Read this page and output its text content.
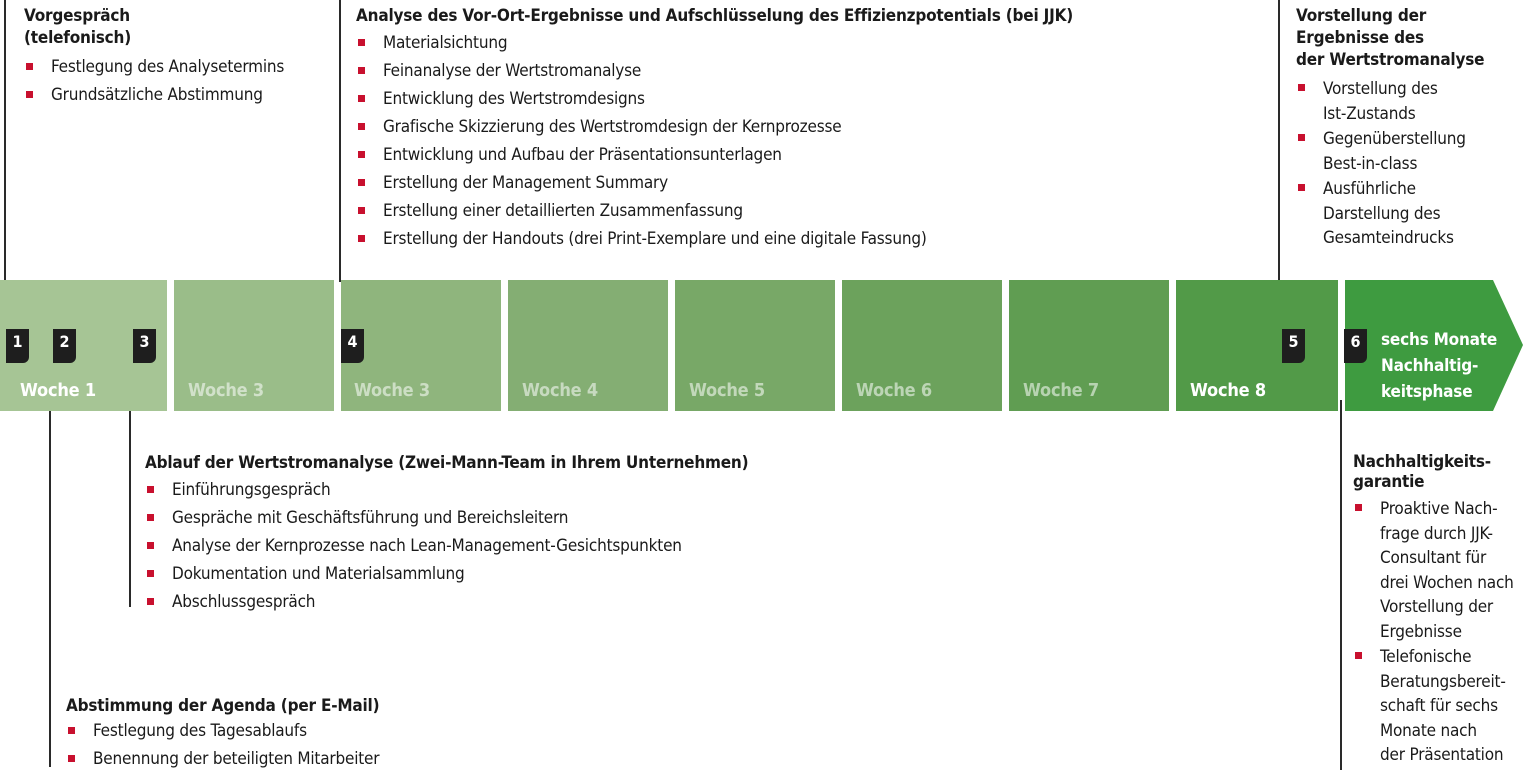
Vorgespräch
(telefonisch)
Festlegung des Analysetermins
Grundsätzliche Abstimmung
Analyse des Vor-Ort-Ergebnisse und Aufschlüsselung des Effizienzpotentials (bei JJK)
Materialsichtung
Feinanalyse der Wertstromanalyse
Entwicklung des Wertstromdesigns
Grafische Skizzierung des Wertstromdesign der Kernprozesse
Entwicklung und Aufbau der Präsentationsunterlagen
Erstellung der Management Summary
Erstellung einer detaillierten Zusammenfassung
Erstellung der Handouts (drei Print-Exemplare und eine digitale Fassung)
Vorstellung der
Ergebnisse des
der Wertstromanalyse
Vorstellung des
Ist-Zustands
Gegenüberstellung
Best-in-class
Ausführliche
Darstellung des
Gesamteindrucks
Woche 1	Woche 3	Woche 3	Woche 4	Woche 5	Woche 6	Woche 7	Woche 8
sechs Monate
Nachhaltig-
keitsphase
1	2	3	4	5	6
Ablauf der Wertstromanalyse (Zwei-Mann-Team in Ihrem Unternehmen)
Einführungsgespräch
Gespräche mit Geschäftsführung und Bereichsleitern
Analyse der Kernprozesse nach Lean-Management-Gesichtspunkten
Dokumentation und Materialsammlung
Abschlussgespräch
Abstimmung der Agenda (per E-Mail)
Festlegung des Tagesablaufs
Benennung der beteiligten Mitarbeiter
Nachhaltigkeits-
garantie
Proaktive Nach-
frage durch JJK-
Consultant für
drei Wochen nach
Vorstellung der
Ergebnisse
Telefonische
Beratungsbereit-
schaft für sechs
Monate nach
der Präsentation
